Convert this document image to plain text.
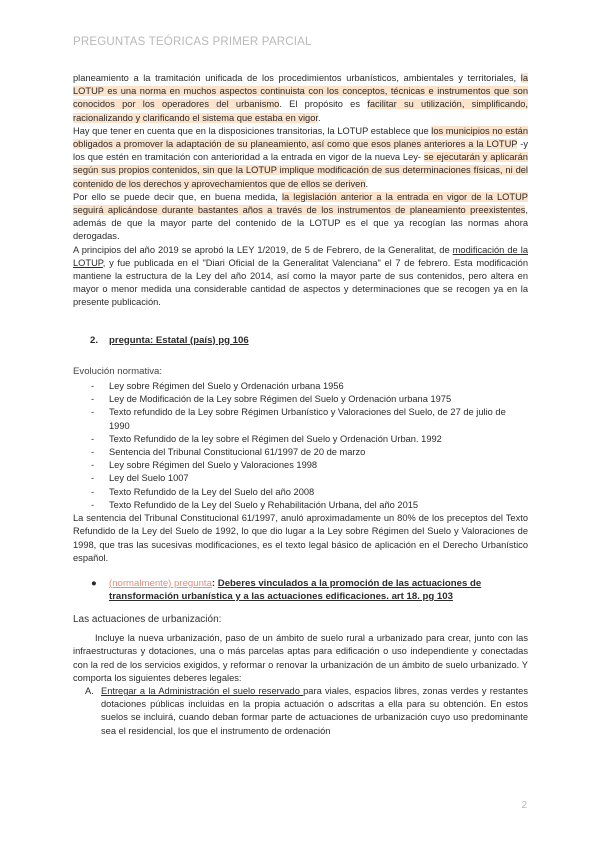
PREGUNTAS TEÓRICAS PRIMER PARCIAL

planeamiento a la tramitación unificada de los procedimientos urbanísticos, ambientales y territoriales, la LOTUP es una norma en muchos aspectos continuista con los conceptos, técnicas e instrumentos que son conocidos por los operadores del urbanismo. El propósito es facilitar su utilización, simplificando, racionalizando y clarificando el sistema que estaba en vigor.

Hay que tener en cuenta que en la disposiciones transitorias, la LOTUP establece que los municipios no están obligados a promover la adaptación de su planeamiento, así como que esos planes anteriores a la LOTUP -y los que estén en tramitación con anterioridad a la entrada en vigor de la nueva Ley- se ejecutarán y aplicarán según sus propios contenidos, sin que la LOTUP implique modificación de sus determinaciones físicas, ni del contenido de los derechos y aprovechamientos que de ellos se deriven.

Por ello se puede decir que, en buena medida, la legislación anterior a la entrada en vigor de la LOTUP seguirá aplicándose durante bastantes años a través de los instrumentos de planeamiento preexistentes, además de que la mayor parte del contenido de la LOTUP es el que ya recogían las normas ahora derogadas.

A principios del año 2019 se aprobó la LEY 1/2019, de 5 de Febrero, de la Generalitat, de modificación de la LOTUP, y fue publicada en el "Diari Oficial de la Generalitat Valenciana" el 7 de febrero. Esta modificación mantiene la estructura de la Ley del año 2014, así como la mayor parte de sus contenidos, pero altera en mayor o menor medida una considerable cantidad de aspectos y determinaciones que se recogen ya en la presente publicación.

2. pregunta: Estatal (país) pg 106
Evolución normativa:
- Ley sobre Régimen del Suelo y Ordenación urbana 1956
- Ley de Modificación de la Ley sobre Régimen del Suelo y Ordenación urbana 1975
- Texto refundido de la Ley sobre Régimen Urbanístico y Valoraciones del Suelo, de 27 de julio de 1990
- Texto Refundido de la ley sobre el Régimen del Suelo y Ordenación Urban. 1992
- Sentencia del Tribunal Constitucional 61/1997 de 20 de marzo
- Ley sobre Régimen del Suelo y Valoraciones 1998
- Ley del Suelo 1007
- Texto Refundido de la Ley del Suelo del año 2008
- Texto Refundido de la Ley del Suelo y Rehabilitación Urbana, del año 2015

La sentencia del Tribunal Constitucional 61/1997, anuló aproximadamente un 80% de los preceptos del Texto Refundido de la Ley del Suelo de 1992, lo que dio lugar a la Ley sobre Régimen del Suelo y Valoraciones de 1998, que tras las sucesivas modificaciones, es el texto legal básico de aplicación en el Derecho Urbanístico español.

● (normalmente) pregunta: Deberes vinculados a la promoción de las actuaciones de transformación urbanística y a las actuaciones edificaciones. art 18. pg 103
Las actuaciones de urbanización:

Incluye la nueva urbanización, paso de un ámbito de suelo rural a urbanizado para crear, junto con las infraestructuras y dotaciones, una o más parcelas aptas para edificación o uso independiente y conectadas con la red de los servicios exigidos, y reformar o renovar la urbanización de un ámbito de suelo urbanizado. Y comporta los siguientes deberes legales:

A. Entregar a la Administración el suelo reservado para viales, espacios libres, zonas verdes y restantes dotaciones públicas incluidas en la propia actuación o adscritas a ella para su obtención. En estos suelos se incluirá, cuando deban formar parte de actuaciones de urbanización cuyo uso predominante sea el residencial, los que el instrumento de ordenación

2
